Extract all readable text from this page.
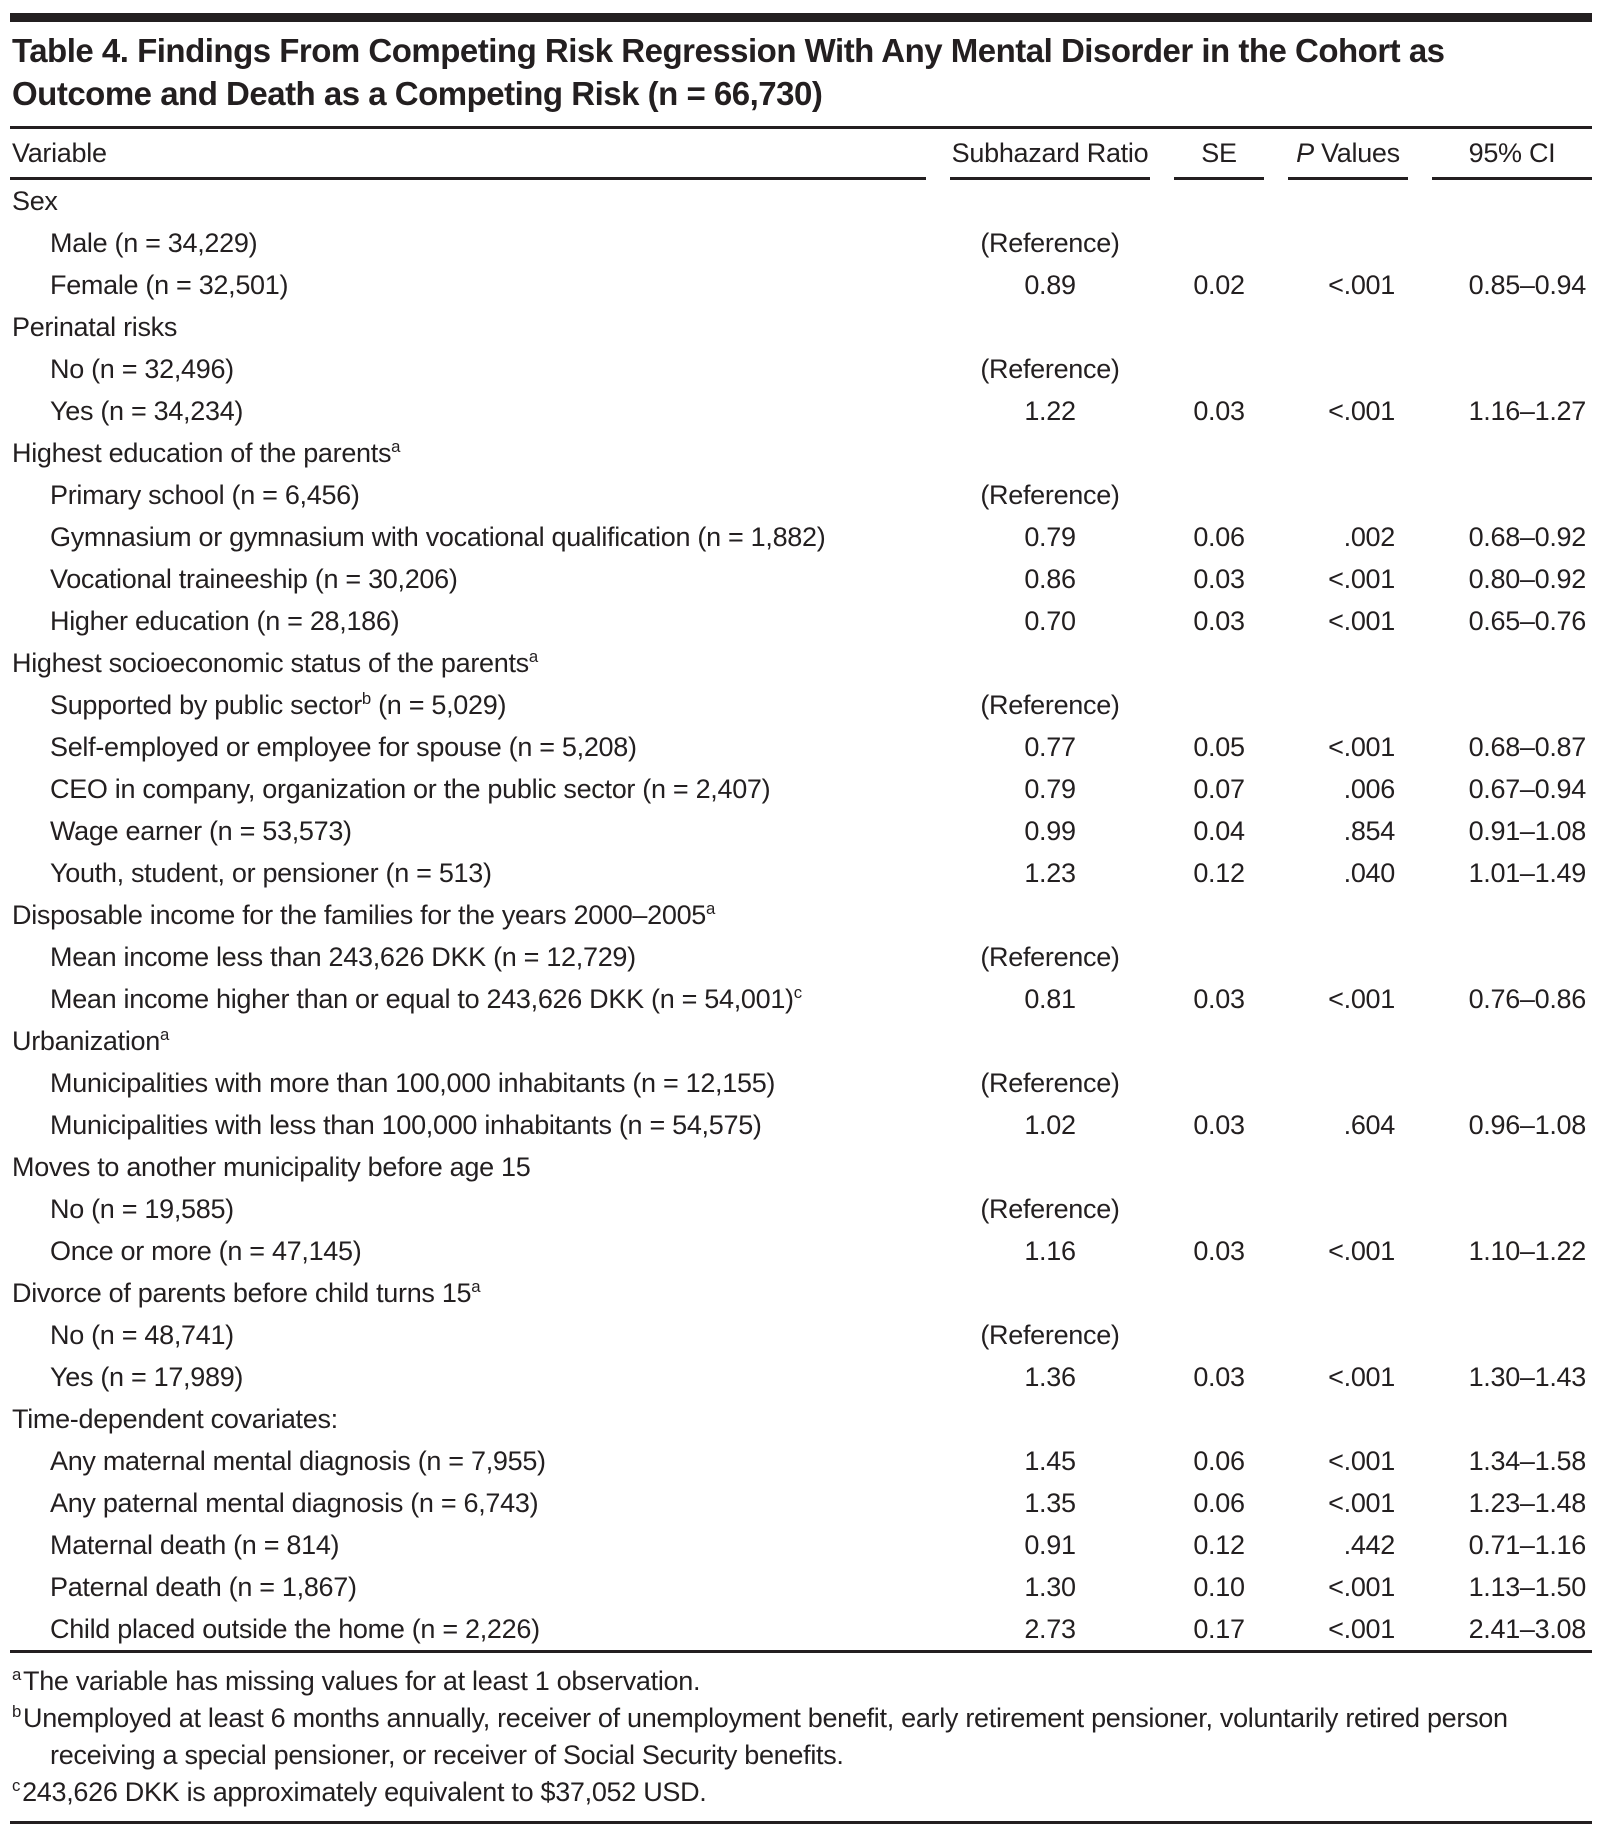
Table 4. Findings From Competing Risk Regression With Any Mental Disorder in the Cohort as Outcome and Death as a Competing Risk (n = 66,730)
Variable	Subhazard Ratio	SE	P Values	95% CI
Sex				
Male (n = 34,229)	(Reference)			
Female (n = 32,501)	0.89	0.02	<.001	0.85–0.94
Perinatal risks				
No (n = 32,496)	(Reference)			
Yes (n = 34,234)	1.22	0.03	<.001	1.16–1.27
Highest education of the parents$^a$				
Primary school (n = 6,456)	(Reference)			
Gymnasium or gymnasium with vocational qualification (n = 1,882)	0.79	0.06	.002	0.68–0.92
Vocational traineeship (n = 30,206)	0.86	0.03	<.001	0.80–0.92
Higher education (n = 28,186)	0.70	0.03	<.001	0.65–0.76
Highest socioeconomic status of the parents$^a$				
Supported by public sector$^b$ (n = 5,029)	(Reference)			
Self-employed or employee for spouse (n = 5,208)	0.77	0.05	<.001	0.68–0.87
CEO in company, organization or the public sector (n = 2,407)	0.79	0.07	.006	0.67–0.94
Wage earner (n = 53,573)	0.99	0.04	.854	0.91–1.08
Youth, student, or pensioner (n = 513)	1.23	0.12	.040	1.01–1.49
Disposable income for the families for the years 2000–2005$^a$				
Mean income less than 243,626 DKK (n = 12,729)	(Reference)			
Mean income higher than or equal to 243,626 DKK (n = 54,001)$^c$	0.81	0.03	<.001	0.76–0.86
Urbanization$^a$				
Municipalities with more than 100,000 inhabitants (n = 12,155)	(Reference)			
Municipalities with less than 100,000 inhabitants (n = 54,575)	1.02	0.03	.604	0.96–1.08
Moves to another municipality before age 15				
No (n = 19,585)	(Reference)			
Once or more (n = 47,145)	1.16	0.03	<.001	1.10–1.22
Divorce of parents before child turns 15$^a$				
No (n = 48,741)	(Reference)			
Yes (n = 17,989)	1.36	0.03	<.001	1.30–1.43
Time-dependent covariates:				
Any maternal mental diagnosis (n = 7,955)	1.45	0.06	<.001	1.34–1.58
Any paternal mental diagnosis (n = 6,743)	1.35	0.06	<.001	1.23–1.48
Maternal death (n = 814)	0.91	0.12	.442	0.71–1.16
Paternal death (n = 1,867)	1.30	0.10	<.001	1.13–1.50
Child placed outside the home (n = 2,226)	2.73	0.17	<.001	2.41–3.08
$^a$The variable has missing values for at least 1 observation.
$^b$Unemployed at least 6 months annually, receiver of unemployment benefit, early retirement pensioner, voluntarily retired person receiving a special pensioner, or receiver of Social Security benefits.
$^c$243,626 DKK is approximately equivalent to $37,052 USD.
